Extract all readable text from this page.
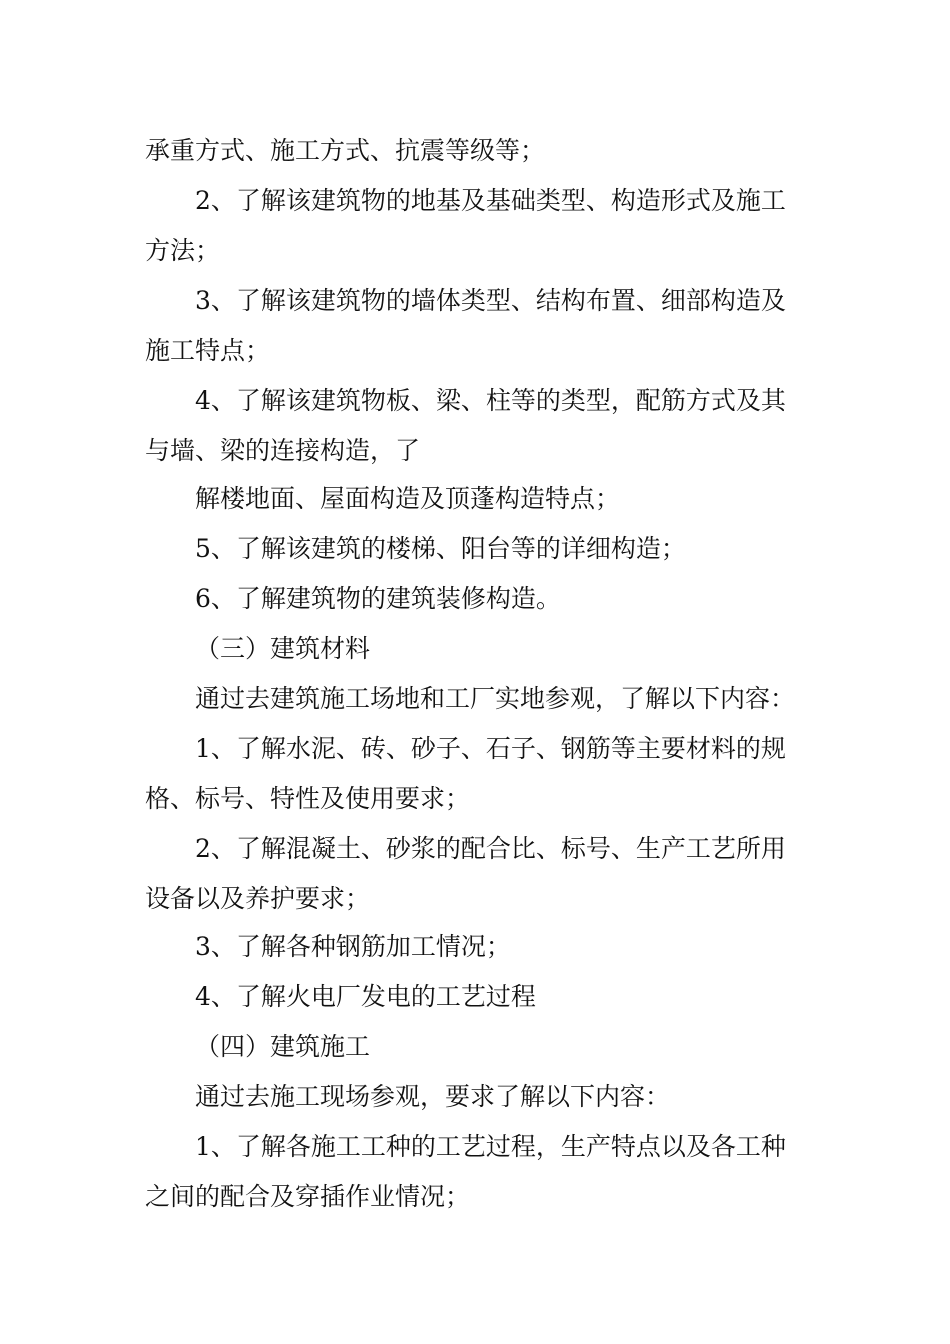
承重方式、施工方式、抗震等级等；
2、了解该建筑物的地基及基础类型、构造形式及施工
方法；
3、了解该建筑物的墙体类型、结构布置、细部构造及
施工特点；
4、了解该建筑物板、梁、柱等的类型，配筋方式及其
与墙、梁的连接构造，了
解楼地面、屋面构造及顶蓬构造特点；
5、了解该建筑的楼梯、阳台等的详细构造；
6、了解建筑物的建筑装修构造。
（三）建筑材料
通过去建筑施工场地和工厂实地参观，了解以下内容：
1、了解水泥、砖、砂子、石子、钢筋等主要材料的规
格、标号、特性及使用要求；
2、了解混凝土、砂浆的配合比、标号、生产工艺所用
设备以及养护要求；
3、了解各种钢筋加工情况；
4、了解火电厂发电的工艺过程
（四）建筑施工
通过去施工现场参观，要求了解以下内容：
1、了解各施工工种的工艺过程，生产特点以及各工种
之间的配合及穿插作业情况；
